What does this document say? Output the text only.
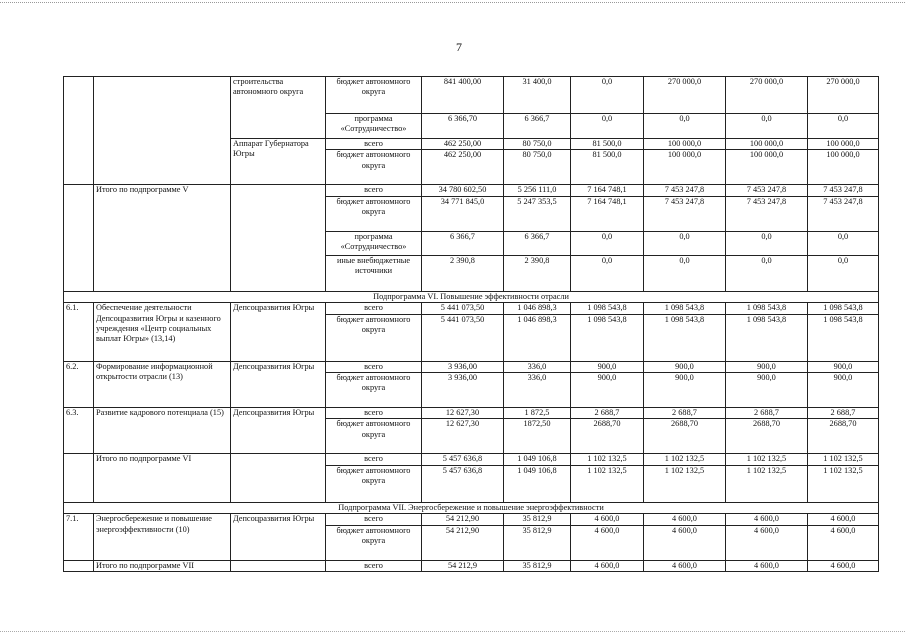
7
		строительства автономного округа	бюджет автономного округа	841 400,00	31 400,0	0,0	270 000,0	270 000,0	270 000,0
			программа «Сотрудничество»	6 366,70	6 366,7	0,0	0,0	0,0	0,0
		Аппарат Губернатора Югры	всего	462 250,00	80 750,0	81 500,0	100 000,0	100 000,0	100 000,0
			бюджет автономного округа	462 250,00	80 750,0	81 500,0	100 000,0	100 000,0	100 000,0
	Итого по подпрограмме V		всего	34 780 602,50	5 256 111,0	7 164 748,1	7 453 247,8	7 453 247,8	7 453 247,8
			бюджет автономного округа	34 771 845,0	5 247 353,5	7 164 748,1	7 453 247,8	7 453 247,8	7 453 247,8
			программа «Сотрудничество»	6 366,7	6 366,7	0,0	0,0	0,0	0,0
			иные внебюджетные источники	2 390,8	2 390,8	0,0	0,0	0,0	0,0
Подпрограмма VI. Повышение эффективности отрасли									
6.1.	Обеспечение деятельности Депсоцразвития Югры и казенного учреждения «Центр социальных выплат Югры» (13,14)	Депсоцразвития Югры	всего	5 441 073,50	1 046 898,3	1 098 543,8	1 098 543,8	1 098 543,8	1 098 543,8
			бюджет автономного округа	5 441 073,50	1 046 898,3	1 098 543,8	1 098 543,8	1 098 543,8	1 098 543,8
6.2.	Формирование информационной открытости отрасли (13)	Депсоцразвития Югры	всего	3 936,00	336,0	900,0	900,0	900,0	900,0
			бюджет автономного округа	3 936,00	336,0	900,0	900,0	900,0	900,0
6.3.	Развитие кадрового потенциала (15)	Депсоцразвития Югры	всего	12 627,30	1 872,5	2 688,7	2 688,7	2 688,7	2 688,7
			бюджет автономного округа	12 627,30	1872,50	2688,70	2688,70	2688,70	2688,70
	Итого по подпрограмме VI		всего	5 457 636,8	1 049 106,8	1 102 132,5	1 102 132,5	1 102 132,5	1 102 132,5
			бюджет автономного округа	5 457 636,8	1 049 106,8	1 102 132,5	1 102 132,5	1 102 132,5	1 102 132,5
Подпрограмма VII. Энергосбережение и повышение энергоэффективности									
7.1.	Энергосбережение и повышение энергоэффективности (10)	Депсоцразвития Югры	всего	54 212,90	35 812,9	4 600,0	4 600,0	4 600,0	4 600,0
			бюджет автономного округа	54 212,90	35 812,9	4 600,0	4 600,0	4 600,0	4 600,0
	Итого по подпрограмме VII		всего	54 212,9	35 812,9	4 600,0	4 600,0	4 600,0	4 600,0
